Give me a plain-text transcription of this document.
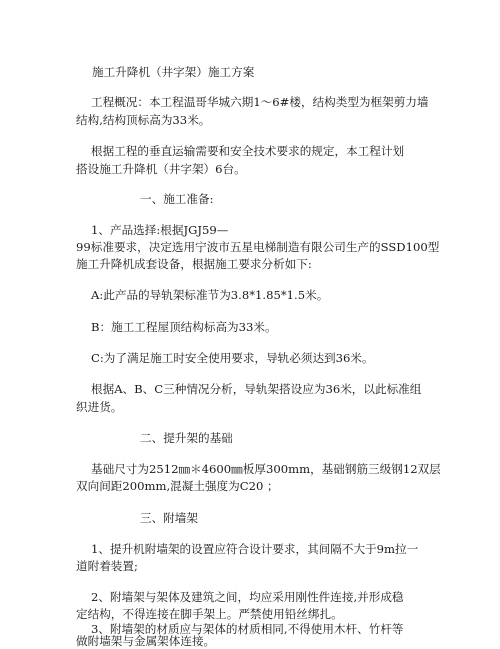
施工升降机（井字架）施工方案

工程概况：本工程温哥华城六期1～6#楼，结构类型为框架剪力墙

结构,结构顶标高为33米。

根据工程的垂直运输需要和安全技术要求的规定，本工程计划

搭设施工升降机（井字架）6台。

一、施工准备:

1、产品选择:根据JGJ59—

99标准要求，决定选用宁波市五星电梯制造有限公司生产的SSD100型

施工升降机成套设备，根据施工要求分析如下:

A:此产品的导轨架标准节为3.8*1.85*1.5米。

B：施工工程屋顶结构标高为33米。

C:为了满足施工时安全使用要求，导轨必须达到36米。

根据A、B、C三种情况分析，导轨架搭设应为36米，以此标准组

织进货。

二、提升架的基础

基础尺寸为2512㎜＊4600㎜板厚300mm，基础钢筋三级钢12双层

双向间距200mm,混凝土强度为C20 ；

三、附墙架

1、提升机附墙架的设置应符合设计要求，其间隔不大于9m拉一

道附着装置;

2、附墙架与架体及建筑之间，均应采用刚性件连接,并形成稳

定结构，不得连接在脚手架上。严禁使用铅丝绑扎。

3、附墙架的材质应与架体的材质相同,不得使用木杆、竹杆等

做附墙架与金属架体连接。
